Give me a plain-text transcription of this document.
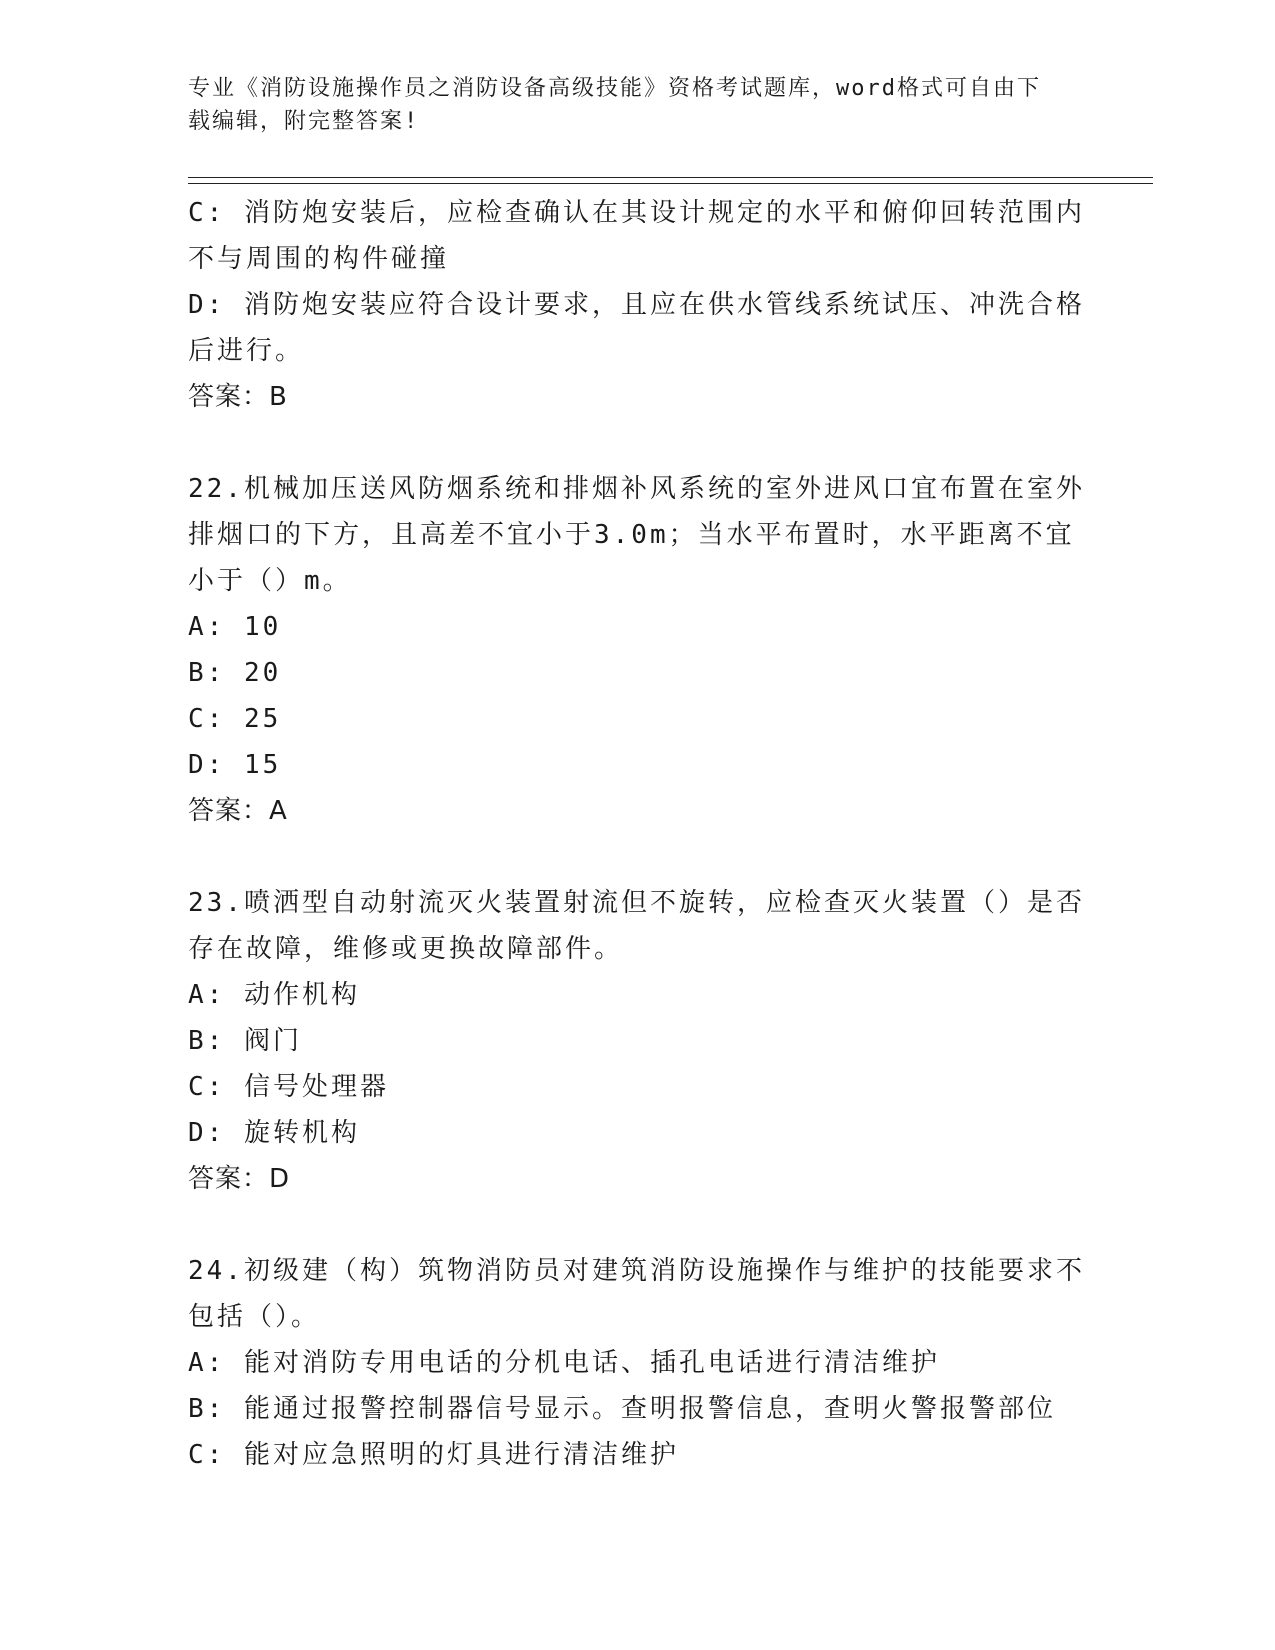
专业《消防设施操作员之消防设备高级技能》资格考试题库，word格式可自由下
载编辑，附完整答案!
C: 消防炮安装后，应检查确认在其设计规定的水平和俯仰回转范围内
不与周围的构件碰撞
D: 消防炮安装应符合设计要求，且应在供水管线系统试压、冲洗合格
后进行。
答案：B
22.机械加压送风防烟系统和排烟补风系统的室外进风口宜布置在室外
排烟口的下方，且高差不宜小于3.0m；当水平布置时，水平距离不宜
小于（）m。
A: 10
B: 20
C: 25
D: 15
答案：A
23.喷洒型自动射流灭火装置射流但不旋转，应检查灭火装置（）是否
存在故障，维修或更换故障部件。
A: 动作机构
B: 阀门
C: 信号处理器
D: 旋转机构
答案：D
24.初级建（构）筑物消防员对建筑消防设施操作与维护的技能要求不
包括（）。
A: 能对消防专用电话的分机电话、插孔电话进行清洁维护
B: 能通过报警控制器信号显示。查明报警信息，查明火警报警部位
C: 能对应急照明的灯具进行清洁维护
